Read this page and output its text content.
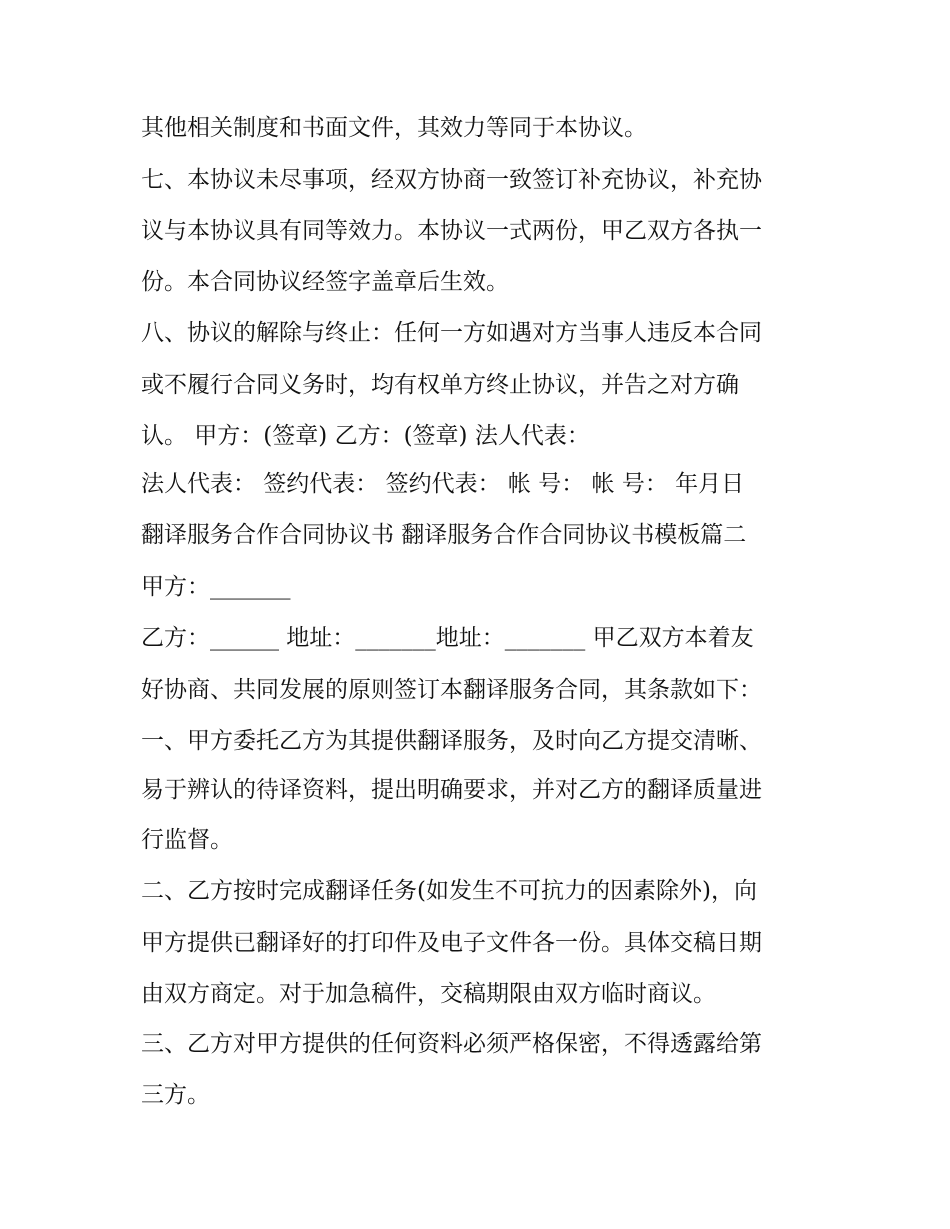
其他相关制度和书面文件，其效力等同于本协议。

七、本协议未尽事项，经双方协商一致签订补充协议，补充协

议与本协议具有同等效力。本协议一式两份，甲乙双方各执一

份。本合同协议经签字盖章后生效。

八、协议的解除与终止：任何一方如遇对方当事人违反本合同

或不履行合同义务时，均有权单方终止协议，并告之对方确

认。 甲方：(签章) 乙方：(签章) 法人代表：

法人代表： 签约代表： 签约代表： 帐 号： 帐 号： 年月日

翻译服务合作合同协议书 翻译服务合作合同协议书模板篇二

甲方：_______

乙方：______ 地址：_______地址：_______ 甲乙双方本着友

好协商、共同发展的原则签订本翻译服务合同，其条款如下：

一、甲方委托乙方为其提供翻译服务，及时向乙方提交清晰、

易于辨认的待译资料，提出明确要求，并对乙方的翻译质量进

行监督。

二、乙方按时完成翻译任务(如发生不可抗力的因素除外)，向

甲方提供已翻译好的打印件及电子文件各一份。具体交稿日期

由双方商定。对于加急稿件，交稿期限由双方临时商议。

三、乙方对甲方提供的任何资料必须严格保密，不得透露给第

三方。
